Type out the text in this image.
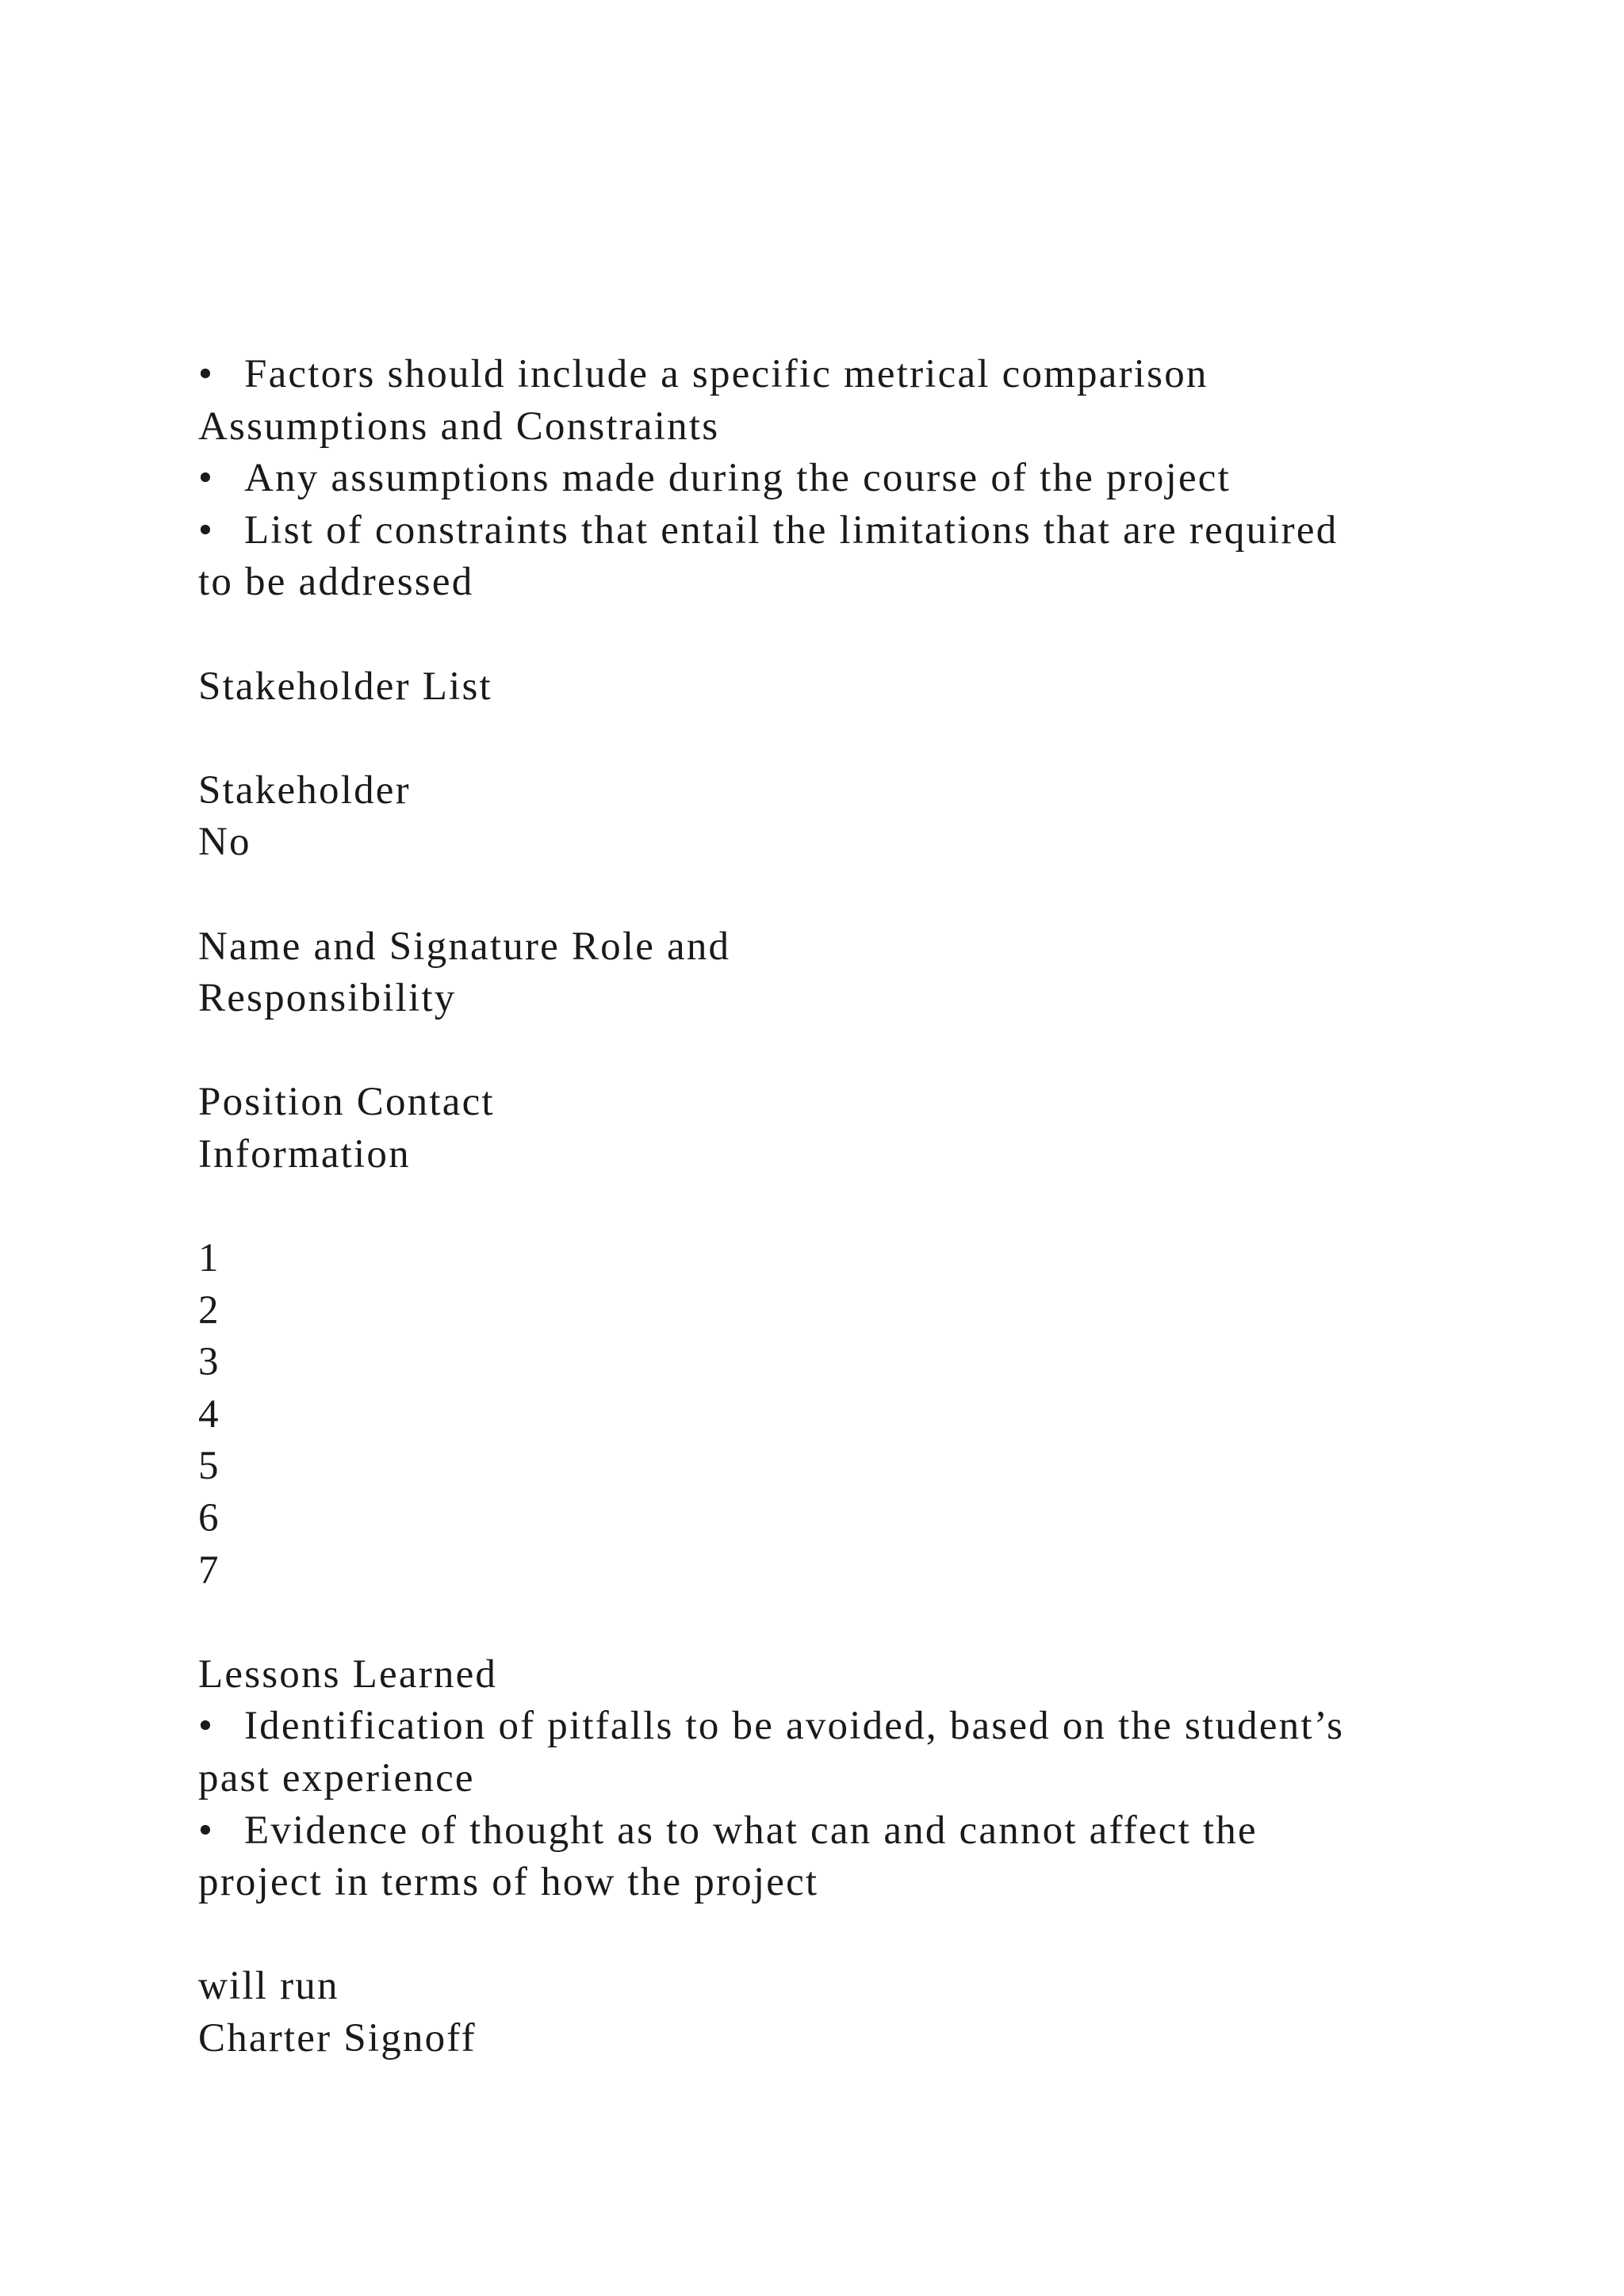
• Factors should include a specific metrical comparison
Assumptions and Constraints
• Any assumptions made during the course of the project
• List of constraints that entail the limitations that are required
to be addressed
Stakeholder List
Stakeholder
No
Name and Signature Role and
Responsibility
Position Contact
Information
1
2
3
4
5
6
7
Lessons Learned
• Identification of pitfalls to be avoided, based on the student’s
past experience
• Evidence of thought as to what can and cannot affect the
project in terms of how the project
will run
Charter Signoff
